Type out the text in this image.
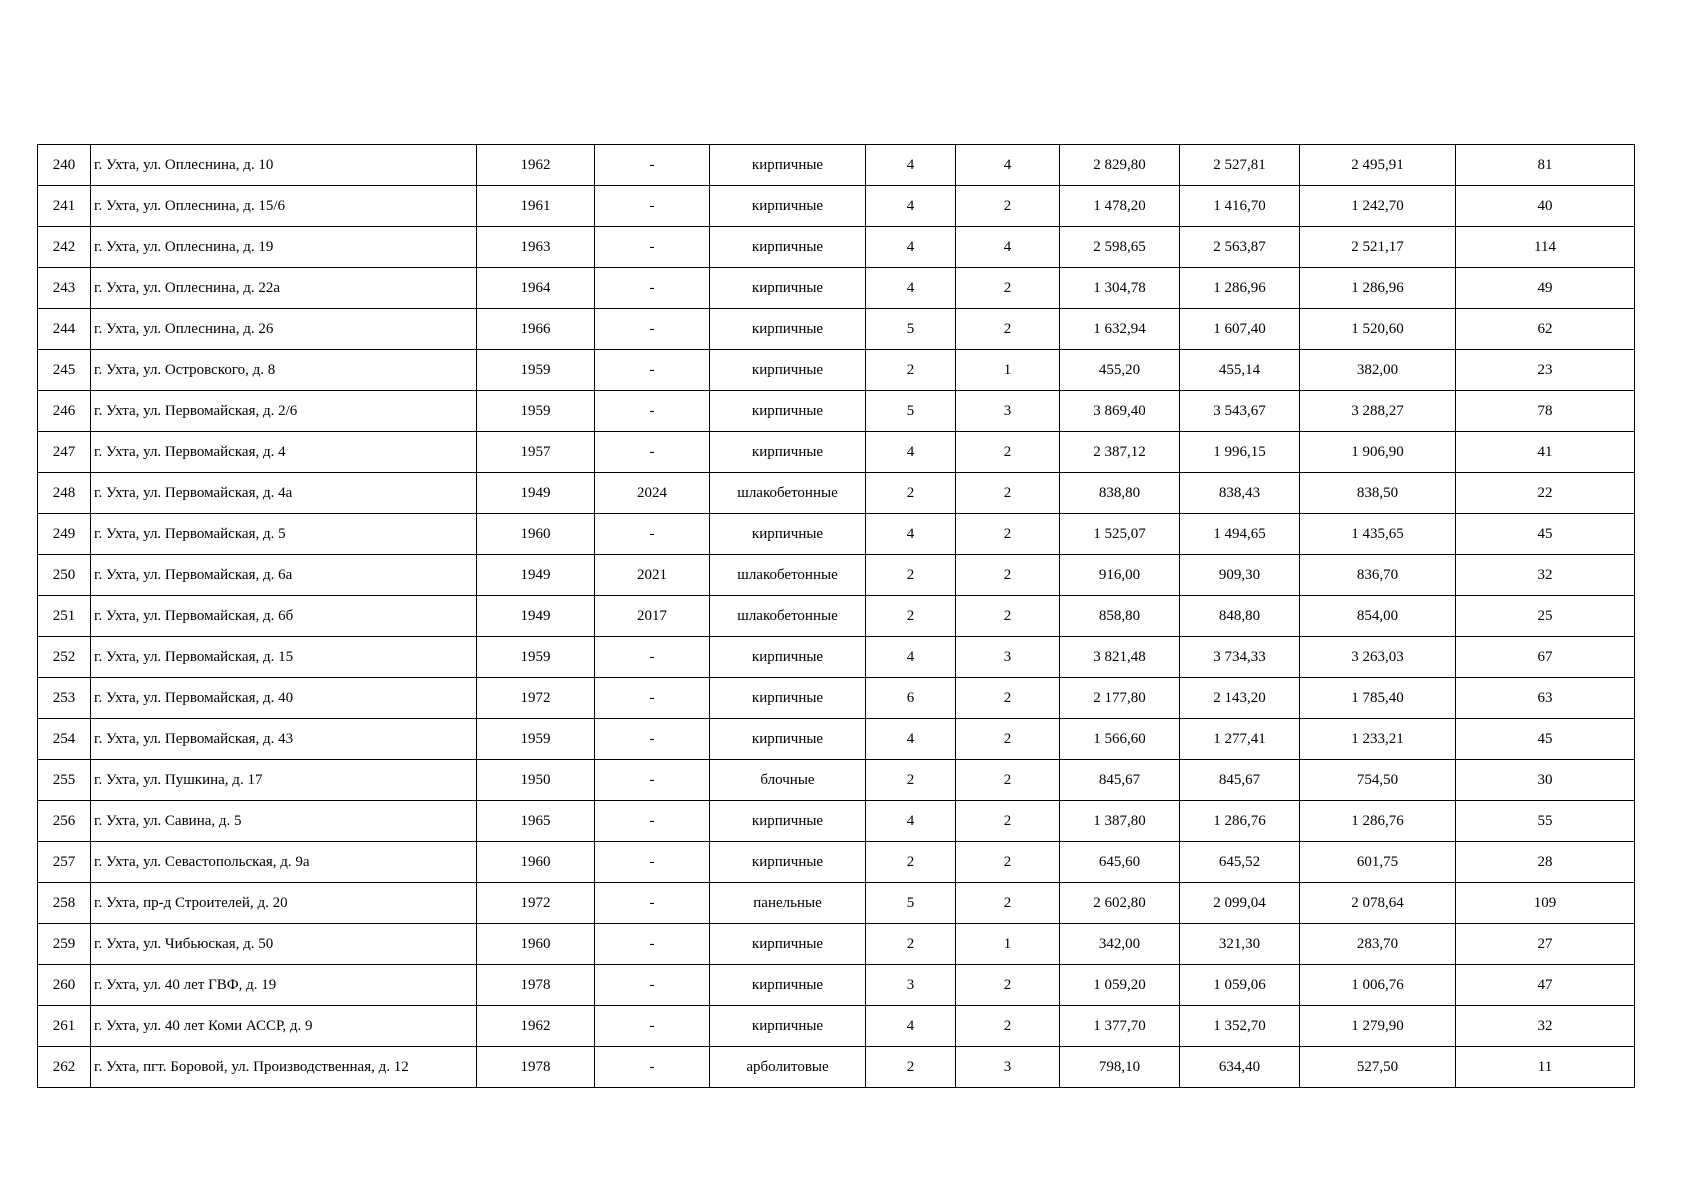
240	г. Ухта, ул. Оплеснина, д. 10	1962	-	кирпичные	4	4	2 829,80	2 527,81	2 495,91	81
241	г. Ухта, ул. Оплеснина, д. 15/6	1961	-	кирпичные	4	2	1 478,20	1 416,70	1 242,70	40
242	г. Ухта, ул. Оплеснина, д. 19	1963	-	кирпичные	4	4	2 598,65	2 563,87	2 521,17	114
243	г. Ухта, ул. Оплеснина, д. 22а	1964	-	кирпичные	4	2	1 304,78	1 286,96	1 286,96	49
244	г. Ухта, ул. Оплеснина, д. 26	1966	-	кирпичные	5	2	1 632,94	1 607,40	1 520,60	62
245	г. Ухта, ул. Островского, д. 8	1959	-	кирпичные	2	1	455,20	455,14	382,00	23
246	г. Ухта, ул. Первомайская, д. 2/6	1959	-	кирпичные	5	3	3 869,40	3 543,67	3 288,27	78
247	г. Ухта, ул. Первомайская, д. 4	1957	-	кирпичные	4	2	2 387,12	1 996,15	1 906,90	41
248	г. Ухта, ул. Первомайская, д. 4а	1949	2024	шлакобетонные	2	2	838,80	838,43	838,50	22
249	г. Ухта, ул. Первомайская, д. 5	1960	-	кирпичные	4	2	1 525,07	1 494,65	1 435,65	45
250	г. Ухта, ул. Первомайская, д. 6а	1949	2021	шлакобетонные	2	2	916,00	909,30	836,70	32
251	г. Ухта, ул. Первомайская, д. 6б	1949	2017	шлакобетонные	2	2	858,80	848,80	854,00	25
252	г. Ухта, ул. Первомайская, д. 15	1959	-	кирпичные	4	3	3 821,48	3 734,33	3 263,03	67
253	г. Ухта, ул. Первомайская, д. 40	1972	-	кирпичные	6	2	2 177,80	2 143,20	1 785,40	63
254	г. Ухта, ул. Первомайская, д. 43	1959	-	кирпичные	4	2	1 566,60	1 277,41	1 233,21	45
255	г. Ухта, ул. Пушкина, д. 17	1950	-	блочные	2	2	845,67	845,67	754,50	30
256	г. Ухта, ул. Савина, д. 5	1965	-	кирпичные	4	2	1 387,80	1 286,76	1 286,76	55
257	г. Ухта, ул. Севастопольская, д. 9а	1960	-	кирпичные	2	2	645,60	645,52	601,75	28
258	г. Ухта, пр-д Строителей, д. 20	1972	-	панельные	5	2	2 602,80	2 099,04	2 078,64	109
259	г. Ухта, ул. Чибьюская, д. 50	1960	-	кирпичные	2	1	342,00	321,30	283,70	27
260	г. Ухта, ул. 40 лет ГВФ, д. 19	1978	-	кирпичные	3	2	1 059,20	1 059,06	1 006,76	47
261	г. Ухта, ул. 40 лет Коми АССР, д. 9	1962	-	кирпичные	4	2	1 377,70	1 352,70	1 279,90	32
262	г. Ухта, пгт. Боровой, ул. Производственная, д. 12	1978	-	арболитовые	2	3	798,10	634,40	527,50	11
